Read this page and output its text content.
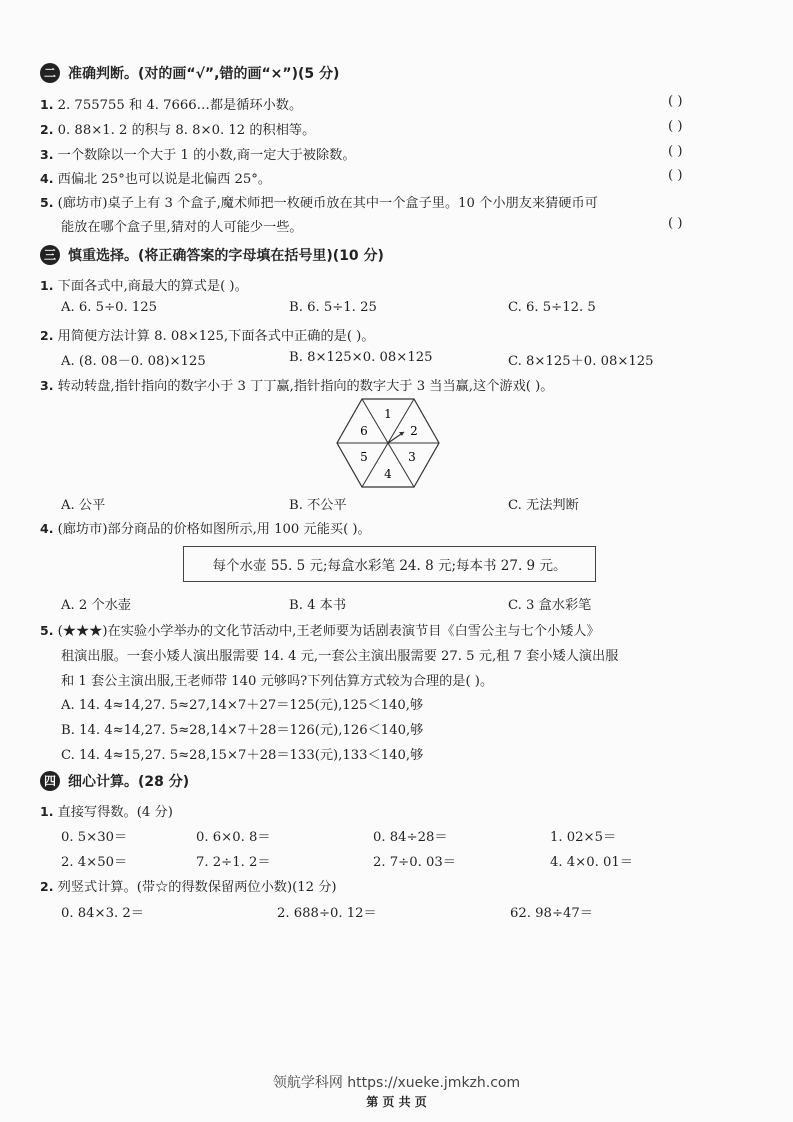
二 准确判断。(对的画“√”,错的画“×”)(5 分)
1. 2. 755755 和 4. 7666…都是循环小数。	( )
2. 0. 88×1. 2 的积与 8. 8×0. 12 的积相等。	( )
3. 一个数除以一个大于 1 的小数,商一定大于被除数。	( )
4. 西偏北 25°也可以说是北偏西 25°。	( )
5. (廊坊市)桌子上有 3 个盒子,魔术师把一枚硬币放在其中一个盒子里。10 个小朋友来猜硬币可
能放在哪个盒子里,猜对的人可能少一些。	( )
三 慎重选择。(将正确答案的字母填在括号里)(10 分)
1. 下面各式中,商最大的算式是( )。
A. 6. 5÷0. 125	B. 6. 5÷1. 25	C. 6. 5÷12. 5
2. 用简便方法计算 8. 08×125,下面各式中正确的是( )。
A. (8. 08－0. 08)×125	B. 8×125×0. 08×125	C. 8×125＋0. 08×125
3. 转动转盘,指针指向的数字小于 3 丁丁赢,指针指向的数字大于 3 当当赢,这个游戏( )。
1
2
3
4
5
6
A. 公平	B. 不公平	C. 无法判断
4. (廊坊市)部分商品的价格如图所示,用 100 元能买( )。
每个水壶 55. 5 元;每盒水彩笔 24. 8 元;每本书 27. 9 元。
A. 2 个水壶	B. 4 本书	C. 3 盒水彩笔
5. (★★★)在实验小学举办的文化节活动中,王老师要为话剧表演节目《白雪公主与七个小矮人》
租演出服。一套小矮人演出服需要 14. 4 元,一套公主演出服需要 27. 5 元,租 7 套小矮人演出服
和 1 套公主演出服,王老师带 140 元够吗?下列估算方式较为合理的是( )。
A. 14. 4≈14,27. 5≈27,14×7＋27＝125(元),125＜140,够
B. 14. 4≈14,27. 5≈28,14×7＋28＝126(元),126＜140,够
C. 14. 4≈15,27. 5≈28,15×7＋28＝133(元),133＜140,够
四 细心计算。(28 分)
1. 直接写得数。(4 分)
0. 5×30＝	0. 6×0. 8＝	0. 84÷28＝	1. 02×5＝
2. 4×50＝	7. 2÷1. 2＝	2. 7÷0. 03＝	4. 4×0. 01＝
2. 列竖式计算。(带☆的得数保留两位小数)(12 分)
0. 84×3. 2＝	2. 688÷0. 12＝	62. 98÷47＝
领航学科网 https://xueke.jmkzh.com
第 页 共 页
